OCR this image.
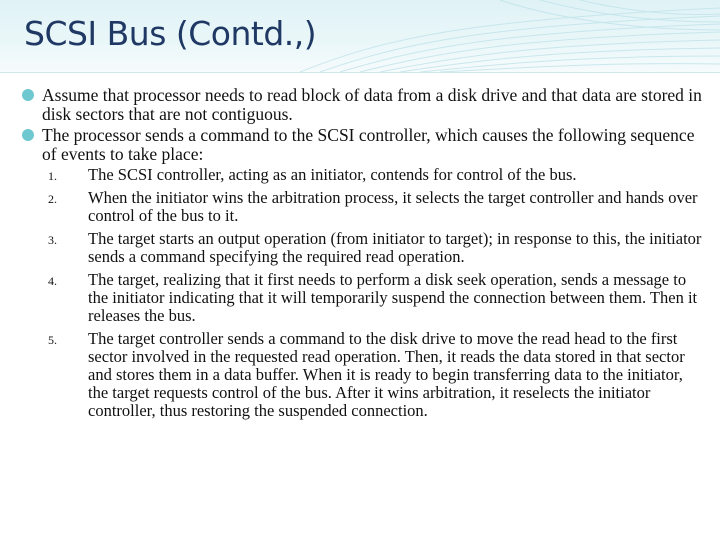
SCSI Bus (Contd.,)

Assume that processor needs to read block of data from a disk drive and that data are stored in disk sectors that are not contiguous.

The processor sends a command to the SCSI controller, which causes the following sequence of events to take place:

1. The SCSI controller, acting as an initiator, contends for control of the bus.
2. When the initiator wins the arbitration process, it selects the target controller and hands over control of the bus to it.
3. The target starts an output operation (from initiator to target); in response to this, the initiator sends a command specifying the required read operation.
4. The target, realizing that it first needs to perform a disk seek operation, sends a message to the initiator indicating that it will temporarily suspend the connection between them. Then it releases the bus.
5. The target controller sends a command to the disk drive to move the read head to the first sector involved in the requested read operation. Then, it reads the data stored in that sector and stores them in a data buffer. When it is ready to begin transferring data to the initiator, the target requests control of the bus. After it wins arbitration, it reselects the initiator controller, thus restoring the suspended connection.
